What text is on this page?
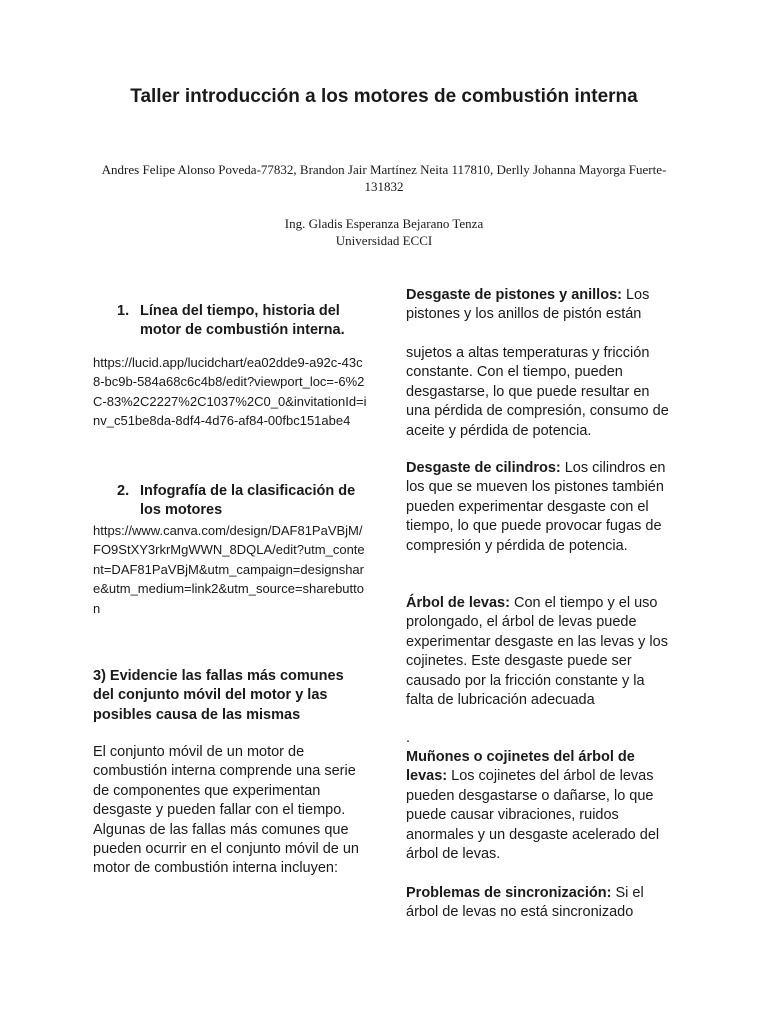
Taller introducción a los motores de combustión interna
Andres Felipe Alonso Poveda-77832, Brandon Jair Martínez Neita 117810, Derlly Johanna Mayorga Fuerte-131832
Ing. Gladis Esperanza Bejarano Tenza
Universidad ECCI
1. Línea del tiempo, historia del motor de combustión interna.
https://lucid.app/lucidchart/ea02dde9-a92c-43c8-bc9b-584a68c6c4b8/edit?viewport_loc=-6%2C-83%2C2227%2C1037%2C0_0&invitationId=inv_c51be8da-8df4-4d76-af84-00fbc151abe4
2. Infografía de la clasificación de los motores
https://www.canva.com/design/DAF81PaVBjM/FO9StXY3rkrMgWWN_8DQLA/edit?utm_content=DAF81PaVBjM&utm_campaign=designshare&utm_medium=link2&utm_source=sharebutton
3) Evidencie las fallas más comunes del conjunto móvil del motor y las posibles causa de las mismas
El conjunto móvil de un motor de combustión interna comprende una serie de componentes que experimentan desgaste y pueden fallar con el tiempo. Algunas de las fallas más comunes que pueden ocurrir en el conjunto móvil de un motor de combustión interna incluyen:
Desgaste de pistones y anillos: Los pistones y los anillos de pistón están
sujetos a altas temperaturas y fricción constante. Con el tiempo, pueden desgastarse, lo que puede resultar en una pérdida de compresión, consumo de aceite y pérdida de potencia.
Desgaste de cilindros: Los cilindros en los que se mueven los pistones también pueden experimentar desgaste con el tiempo, lo que puede provocar fugas de compresión y pérdida de potencia.
Árbol de levas: Con el tiempo y el uso prolongado, el árbol de levas puede experimentar desgaste en las levas y los cojinetes. Este desgaste puede ser causado por la fricción constante y la falta de lubricación adecuada
.
Muñones o cojinetes del árbol de levas: Los cojinetes del árbol de levas pueden desgastarse o dañarse, lo que puede causar vibraciones, ruidos anormales y un desgaste acelerado del árbol de levas.
Problemas de sincronización: Si el árbol de levas no está sincronizado
